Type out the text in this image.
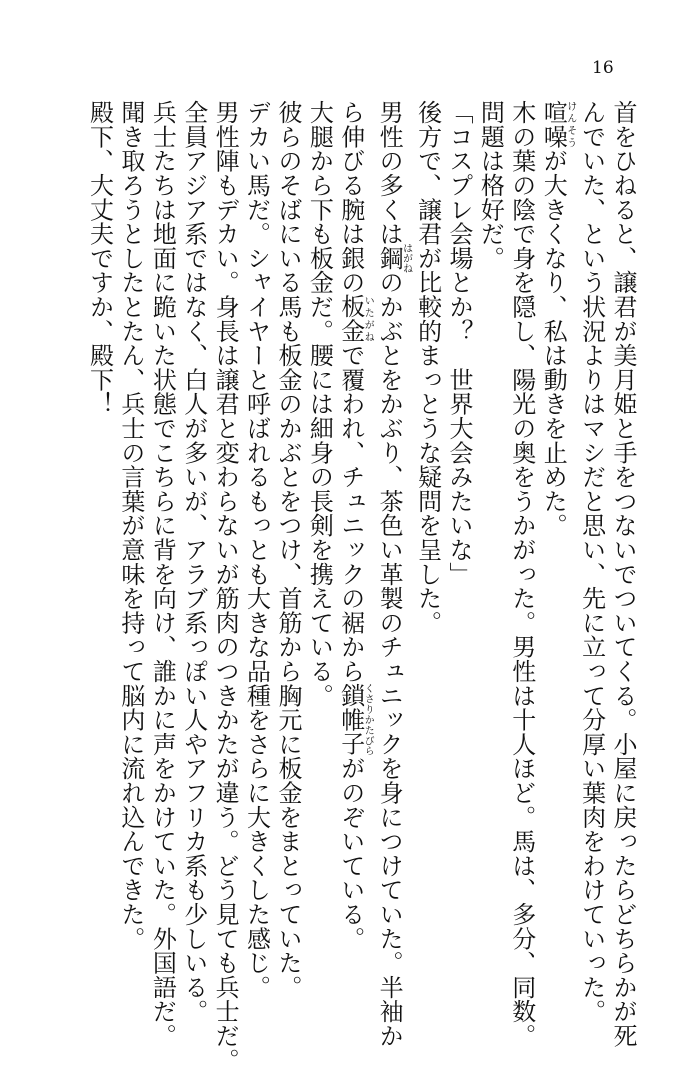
16
首をひねると、譲君が美月姫と手をつないでついてくる。小屋に戻ったらどちらかが死
んでいた、という状況よりはマシだと思い、先に立って分厚い葉肉をわけていった。
喧噪けんそうが大きくなり、私は動きを止めた。
木の葉の陰で身を隠し、陽光の奥をうかがった。男性は十人ほど。馬は、多分、同数。
問題は格好だ。
「コスプレ会場とか？　世界大会みたいな」
後方で、譲君が比較的まっとうな疑問を呈した。
男性の多くは鋼はがねのかぶとをかぶり、茶色い革製のチュニックを身につけていた。半袖か
ら伸びる腕は銀の板金いたがねで覆われ、チュニックの裾から鎖帷子くさりかたびらがのぞいている。
大腿から下も板金だ。腰には細身の長剣を携えている。
彼らのそばにいる馬も板金のかぶとをつけ、首筋から胸元に板金をまとっていた。
デカい馬だ。シャイヤーと呼ばれるもっとも大きな品種をさらに大きくした感じ。
男性陣もデカい。身長は譲君と変わらないが筋肉のつきかたが違う。どう見ても兵士だ。
全員アジア系ではなく、白人が多いが、アラブ系っぽい人やアフリカ系も少しいる。
兵士たちは地面に跪いた状態でこちらに背を向け、誰かに声をかけていた。外国語だ。
聞き取ろうとしたとたん、兵士の言葉が意味を持って脳内に流れ込んできた。
殿下、大丈夫ですか、殿下！
